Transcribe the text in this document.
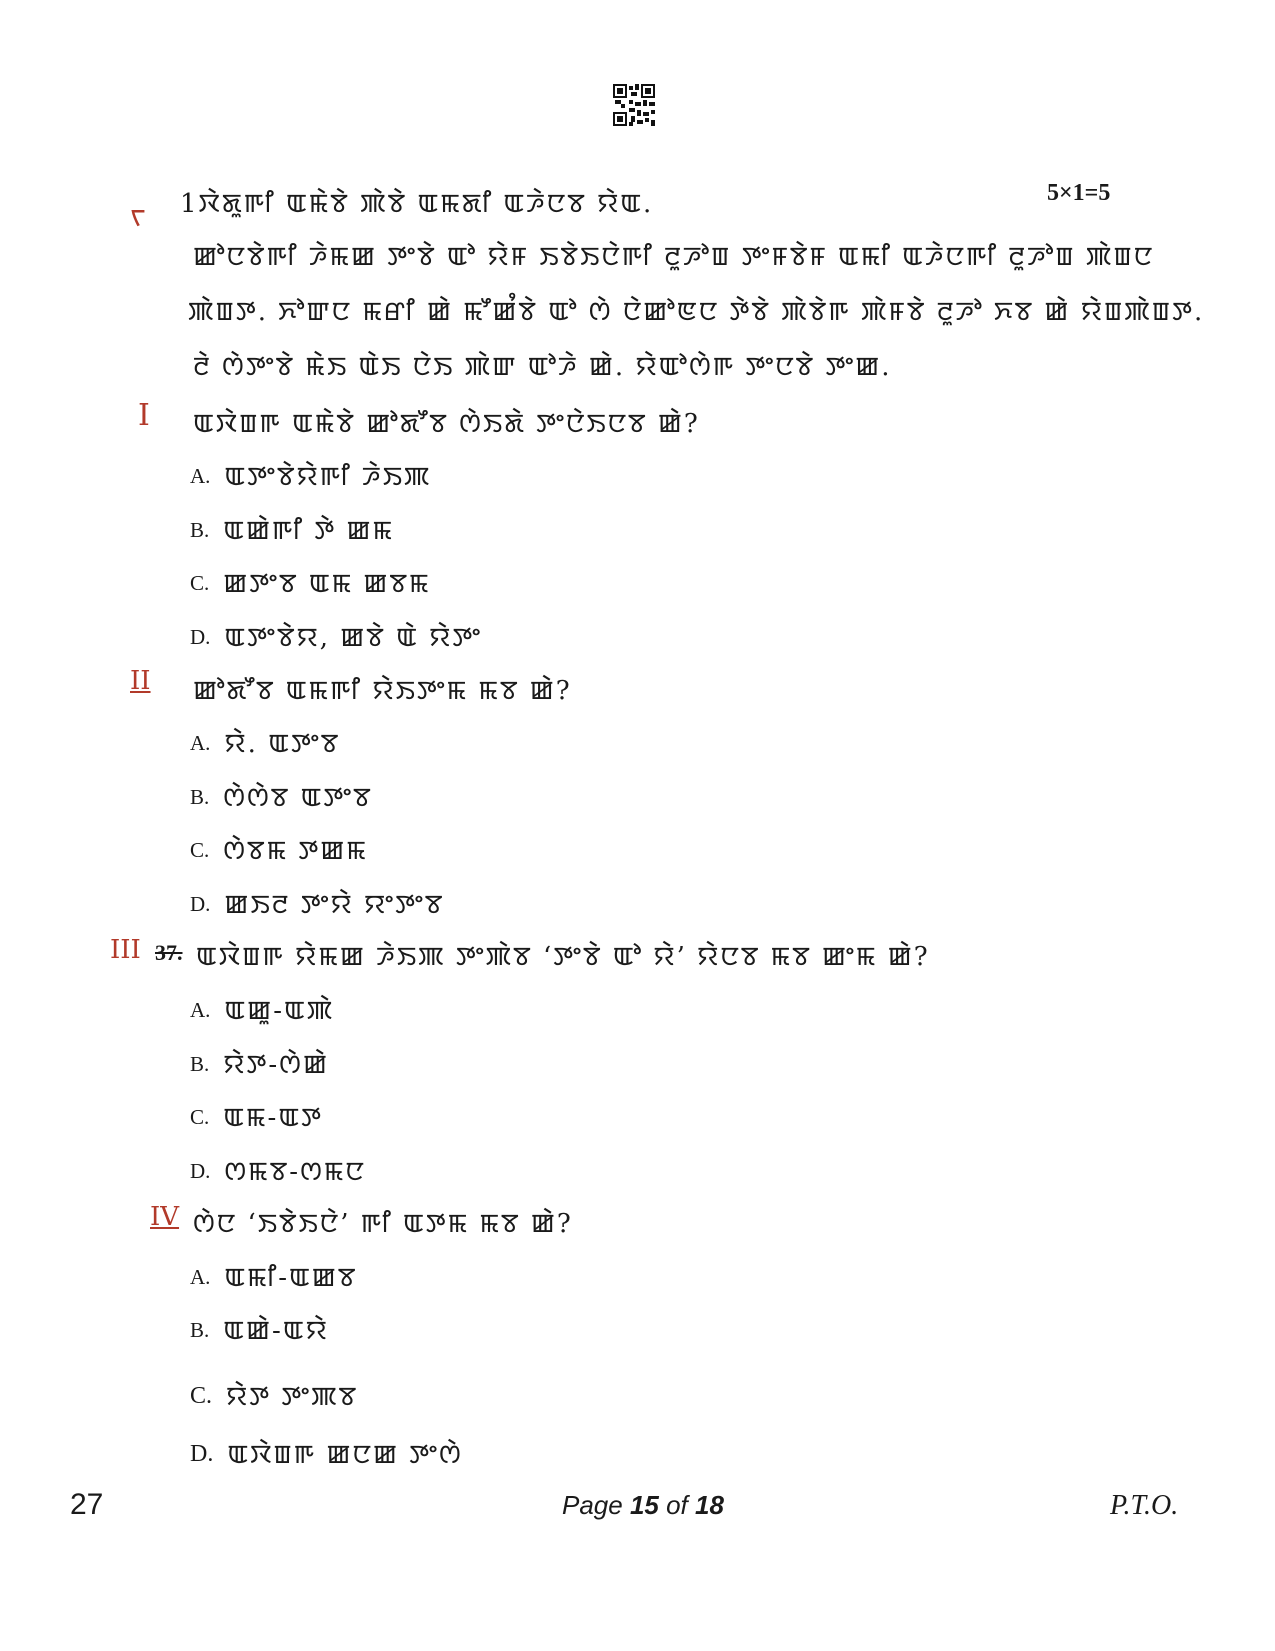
ᠵ 1ꯋꯥꯗꯨꯒꯤ ꯑꯃꯥꯕꯥ ꯄꯥꯕꯥ ꯑꯃꯗꯤ ꯑꯍꯥꯅꯕ ꯌꯥꯑ.	5×1=5
ꯀꯣꯅꯕꯥꯒꯤ ꯍꯥꯃꯀ ꯇꯦꯕꯥ ꯑꯣ ꯌꯥꯝ ꯏꯕꯥꯏꯅꯥꯒꯤ ꯂꯨꯍꯣꯡ ꯇꯦꯝꯕꯥꯝ ꯑꯃꯤ ꯑꯍꯥꯅꯒꯤ ꯂꯨꯍꯣꯡ ꯄꯥꯡꯅ
ꯄꯥꯡꯇ. ꯈꯣꯛꯅ ꯃꯔꯤ ꯀꯥ ꯃꯧꯀꯪꯕꯥ ꯑꯣ ꯁꯥ ꯅꯥꯀꯣꯟꯅ ꯇꯥꯕꯥ ꯄꯥꯕꯥꯒ ꯄꯥꯝꯕꯥ ꯂꯨꯍꯣ ꯈꯕ ꯀꯥ ꯌꯥꯡꯄꯥꯡꯇ.
ꯂꯥ ꯁꯥꯇꯦꯕꯥ ꯃꯥꯏ ꯑꯥꯏ ꯅꯥꯏ ꯄꯥꯛ ꯑꯣꯍꯥ ꯀꯥ. ꯌꯥꯑꯣꯁꯥꯒ ꯇꯦꯅꯕꯥ ꯇꯦꯀ.
I ꯑꯋꯥꯡꯒ ꯑꯃꯥꯕꯥ ꯀꯣꯗꯧꯕ ꯁꯥꯏꯗꯥ ꯇꯦꯅꯥꯏꯅꯕ ꯀꯥ?
A. ꯑꯇꯦꯕꯥꯌꯥꯒꯤ ꯍꯥꯏꯄ
B. ꯑꯀꯥꯒꯤ ꯇꯥ ꯀꯃ
C. ꯀꯇꯦꯕ ꯑꯃ ꯀꯕꯃ
D. ꯑꯇꯦꯕꯥꯌ, ꯀꯕꯥ ꯑꯥ ꯌꯥꯇꯦ
II ꯀꯣꯗꯧꯕ ꯑꯃꯒꯤ ꯌꯥꯏꯇꯦꯃ ꯃꯕ ꯀꯥ?
A. ꯌꯥ. ꯑꯇꯦꯕ
B. ꯁꯥꯁꯥꯕ ꯑꯇꯦꯕ
C. ꯁꯥꯕꯃ ꯇꯀꯃ
D. ꯀꯏꯂ ꯇꯦꯌꯥ ꯌꯦꯇꯦꯕ
III 37. ꯑꯋꯥꯡꯒ ꯌꯥꯃꯀ ꯍꯥꯏꯄ ꯇꯦꯄꯥꯕ ‘ꯇꯦꯕꯥ ꯑꯣ ꯌꯥ’ ꯌꯥꯅꯕ ꯃꯕ ꯀꯦꯃ ꯀꯥ?
A. ꯑꯀꯨ-ꯑꯄꯥ
B. ꯌꯥꯇ-ꯁꯥꯀꯥ
C. ꯑꯃ-ꯑꯇ
D. ꯁꯃꯕ-ꯁꯃꯅ
IV ꯁꯥꯅ ‘ꯏꯕꯥꯏꯅꯥ’ ꯒꯤ ꯑꯇꯃ ꯃꯕ ꯀꯥ?
A. ꯑꯃꯤ-ꯑꯀꯕ
B. ꯑꯀꯥ-ꯑꯌꯥ
C. ꯌꯥꯇ ꯇꯦꯄꯕ
D. ꯑꯋꯥꯡꯒ ꯀꯅꯀ ꯇꯦꯁꯥ
27	Page 15 of 18	P.T.O.
